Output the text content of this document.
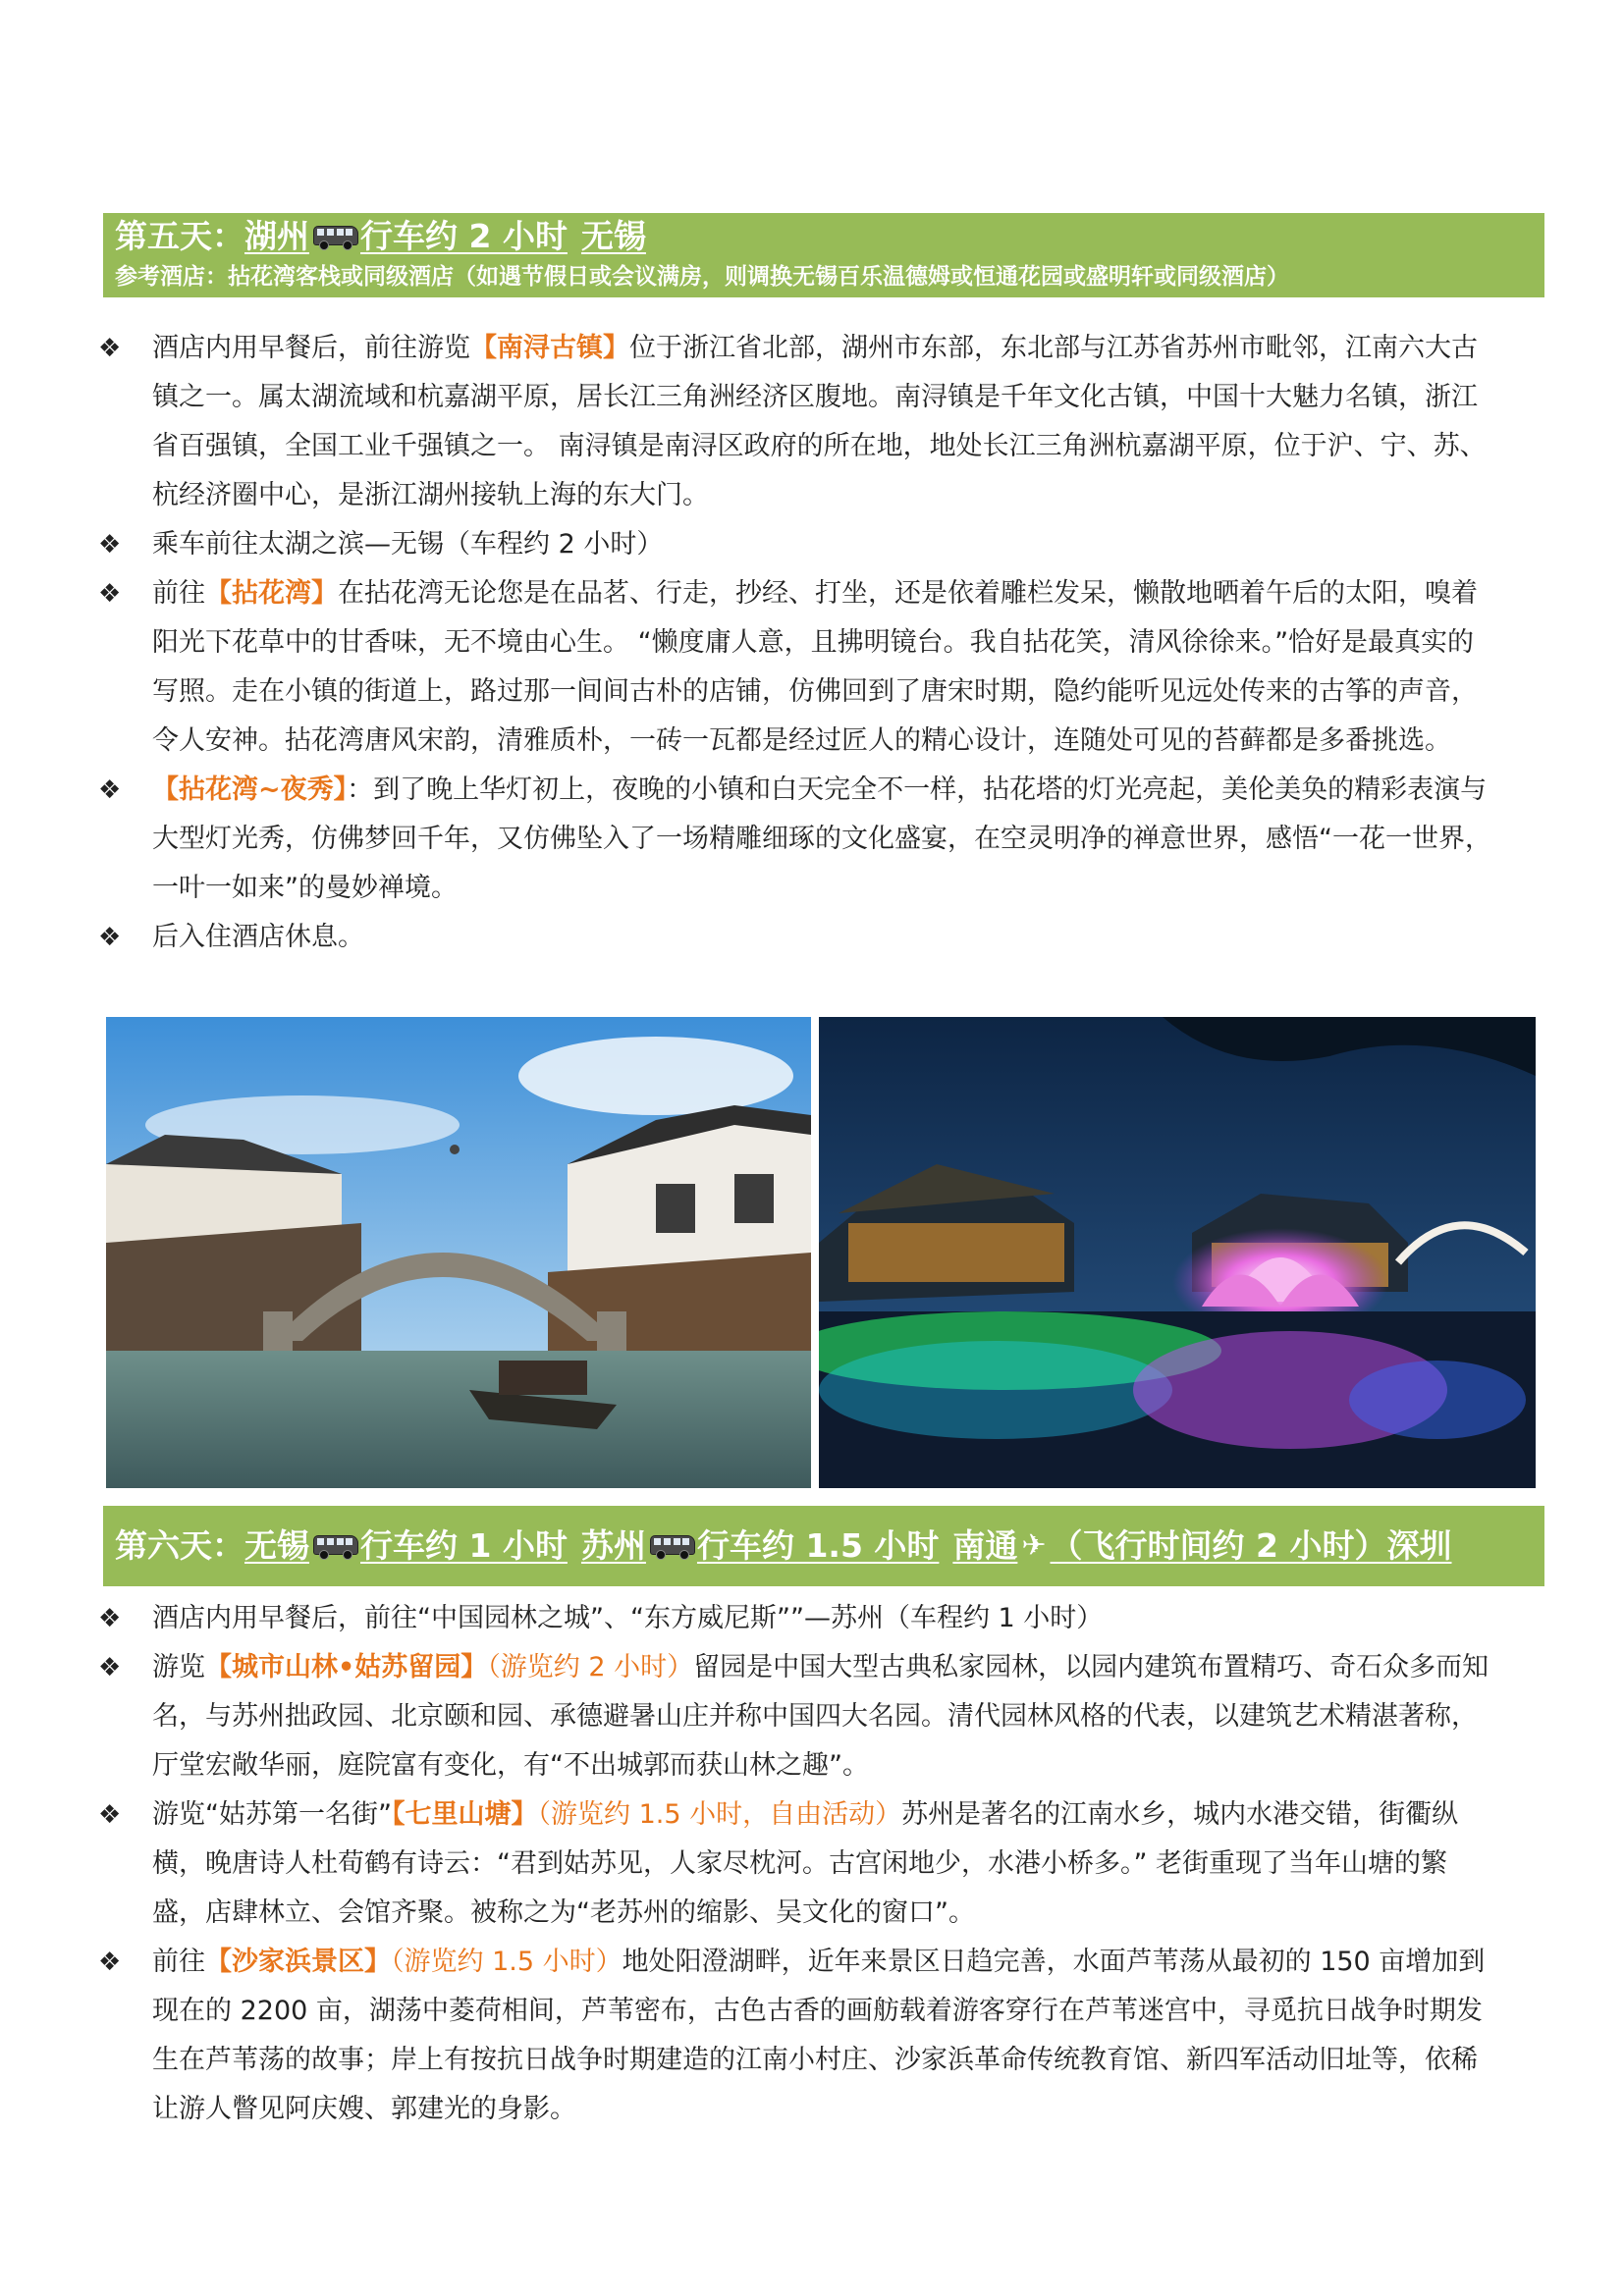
第五天： 湖州 行车约 2 小时 无锡
参考酒店：拈花湾客栈或同级酒店（如遇节假日或会议满房，则调换无锡百乐温德姆或恒通花园或盛明轩或同级酒店）
❖ 酒店内用早餐后，前往游览【南浔古镇】位于浙江省北部，湖州市东部，东北部与江苏省苏州市毗邻，江南六大古镇之一。属太湖流域和杭嘉湖平原，居长江三角洲经济区腹地。南浔镇是千年文化古镇，中国十大魅力名镇，浙江省百强镇，全国工业千强镇之一。 南浔镇是南浔区政府的所在地，地处长江三角洲杭嘉湖平原，位于沪、宁、苏、杭经济圈中心，是浙江湖州接轨上海的东大门。
❖ 乘车前往太湖之滨—无锡（车程约 2 小时）
❖ 前往【拈花湾】在拈花湾无论您是在品茗、行走，抄经、打坐，还是依着雕栏发呆，懒散地晒着午后的太阳，嗅着阳光下花草中的甘香味，无不境由心生。 “懒度庸人意，且拂明镜台。我自拈花笑，清风徐徐来。”恰好是最真实的写照。走在小镇的街道上，路过那一间间古朴的店铺，仿佛回到了唐宋时期，隐约能听见远处传来的古筝的声音，令人安神。拈花湾唐风宋韵，清雅质朴，一砖一瓦都是经过匠人的精心设计，连随处可见的苔藓都是多番挑选。
❖ 【拈花湾~夜秀】：到了晚上华灯初上，夜晚的小镇和白天完全不一样，拈花塔的灯光亮起，美伦美奂的精彩表演与大型灯光秀，仿佛梦回千年，又仿佛坠入了一场精雕细琢的文化盛宴，在空灵明净的禅意世界，感悟“一花一世界，一叶一如来”的曼妙禅境。
❖ 后入住酒店休息。
第六天： 无锡 行车约 1 小时 苏州 行车约 1.5 小时 南通 ✈ （飞行时间约 2 小时）深圳
❖ 酒店内用早餐后，前往“中国园林之城”、“东方威尼斯””—苏州（车程约 1 小时）
❖ 游览【城市山林•姑苏留园】（游览约 2 小时）留园是中国大型古典私家园林，以园内建筑布置精巧、奇石众多而知名，与苏州拙政园、北京颐和园、承德避暑山庄并称中国四大名园。清代园林风格的代表，以建筑艺术精湛著称，厅堂宏敞华丽，庭院富有变化，有“不出城郭而获山林之趣”。
❖ 游览“姑苏第一名街”【七里山塘】（游览约 1.5 小时，自由活动）苏州是著名的江南水乡，城内水港交错，街衢纵横，晚唐诗人杜荀鹤有诗云：“君到姑苏见，人家尽枕河。古宫闲地少，水港小桥多。” 老街重现了当年山塘的繁盛，店肆林立、会馆齐聚。被称之为“老苏州的缩影、吴文化的窗口”。
❖ 前往【沙家浜景区】（游览约 1.5 小时）地处阳澄湖畔，近年来景区日趋完善，水面芦苇荡从最初的 150 亩增加到现在的 2200 亩，湖荡中菱荷相间，芦苇密布，古色古香的画舫载着游客穿行在芦苇迷宫中，寻觅抗日战争时期发生在芦苇荡的故事；岸上有按抗日战争时期建造的江南小村庄、沙家浜革命传统教育馆、新四军活动旧址等，依稀让游人瞥见阿庆嫂、郭建光的身影。
